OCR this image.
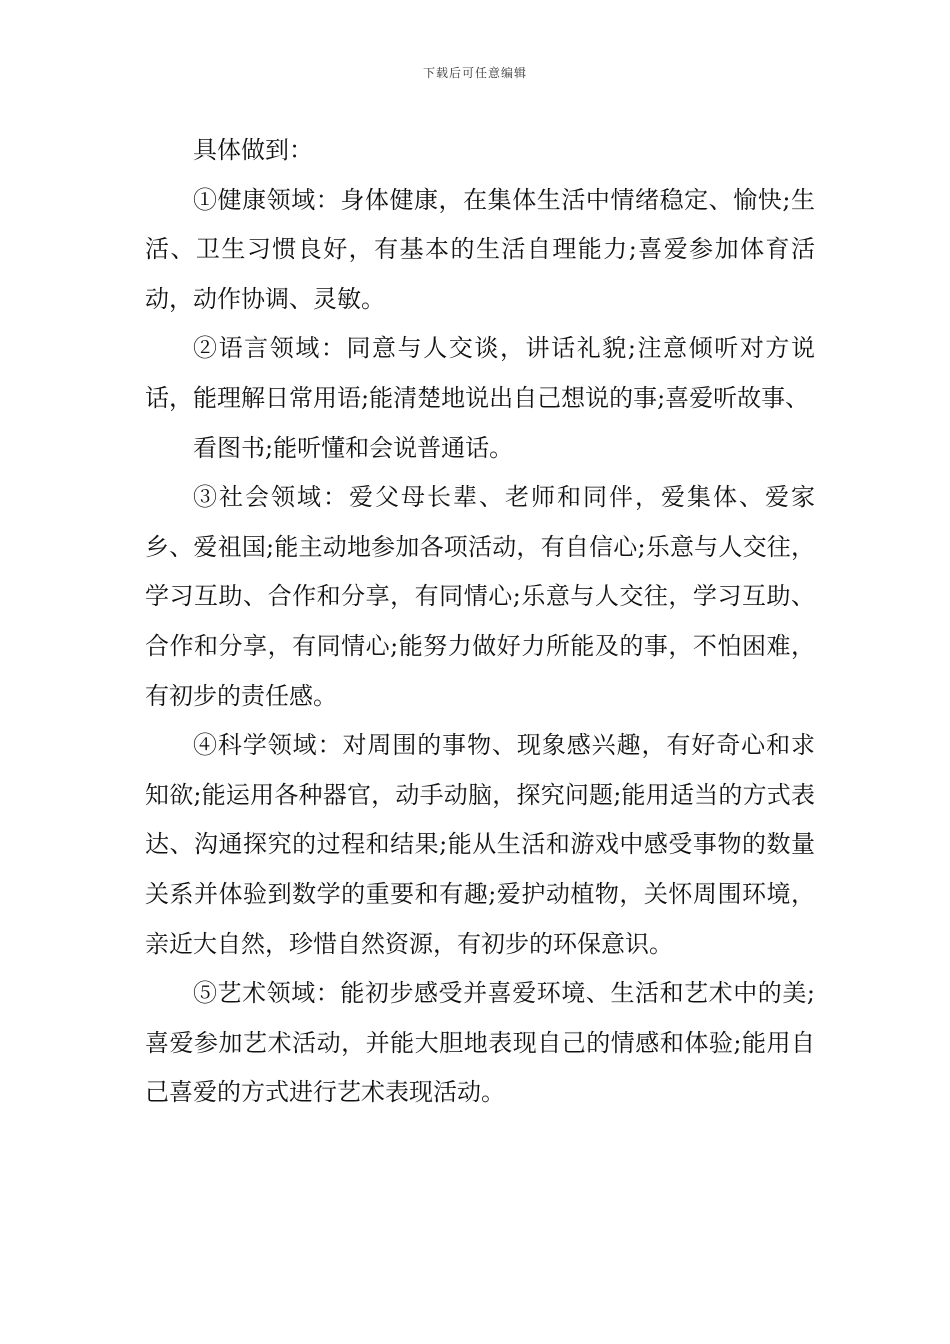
下载后可任意编辑

具体做到：

①健康领域：身体健康，在集体生活中情绪稳定、愉快;生活、卫生习惯良好，有基本的生活自理能力;喜爱参加体育活动，动作协调、灵敏。

②语言领域：同意与人交谈，讲话礼貌;注意倾听对方说话，能理解日常用语;能清楚地说出自己想说的事;喜爱听故事、

看图书;能听懂和会说普通话。

③社会领域：爱父母长辈、老师和同伴，爱集体、爱家乡、爱祖国;能主动地参加各项活动，有自信心;乐意与人交往，学习互助、合作和分享，有同情心;乐意与人交往，学习互助、合作和分享，有同情心;能努力做好力所能及的事，不怕困难，有初步的责任感。

④科学领域：对周围的事物、现象感兴趣，有好奇心和求知欲;能运用各种器官，动手动脑，探究问题;能用适当的方式表达、沟通探究的过程和结果;能从生活和游戏中感受事物的数量关系并体验到数学的重要和有趣;爱护动植物，关怀周围环境，亲近大自然，珍惜自然资源，有初步的环保意识。

⑤艺术领域：能初步感受并喜爱环境、生活和艺术中的美;喜爱参加艺术活动，并能大胆地表现自己的情感和体验;能用自己喜爱的方式进行艺术表现活动。
